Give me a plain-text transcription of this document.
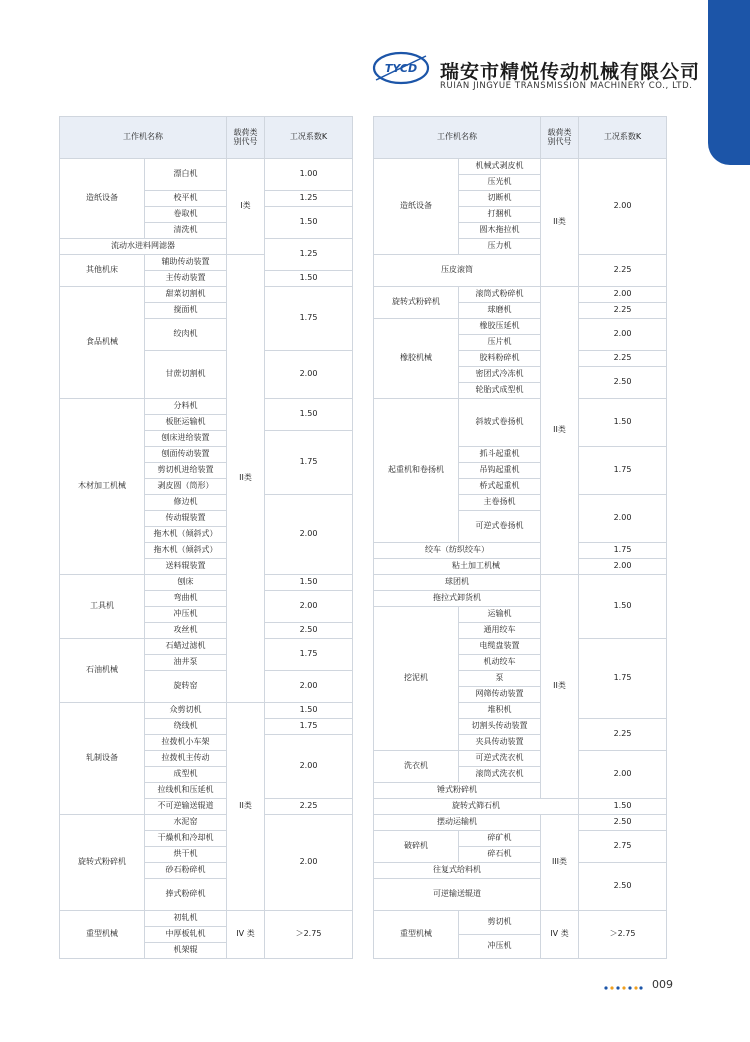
TYCD 瑞安市精悦传动机械有限公司
RUIAN JINGYUE TRANSMISSION MACHINERY CO., LTD.
工作机名称		载荷类别代号	工况系数K
造纸设备	漂白机	I类	1.00
	校平机		1.25
	卷取机		1.50
	清洗机		
流动水进料网滤器			1.25
其他机床	辅助传动装置	II类	
	主传动装置		1.50
食品机械	甜菜切割机		1.75
	搅面机		
	绞肉机		
	甘蔗切割机		2.00
木材加工机械	分料机		1.50
	板胚运输机		
	刨床进给装置		1.75
	刨面传动装置		
	剪切机进给装置		
	剥皮圆（筒形）		
	修边机		2.00
	传动辊装置		
	拖木机（倾斜式）		
	拖木机（倾斜式）		
	送料辊装置		
工具机	刨床		1.50
	弯曲机		2.00
	冲压机		
	攻丝机		2.50
石油机械	石蜡过滤机		1.75
	油井泵		
	旋转窑		2.00
轧制设备	众剪切机	II类	1.50
	绕线机		1.75
	拉拨机小车架		2.00
	拉拨机主传动		
	成型机		
	拉线机和压延机		
	不可逆输送辊道		2.25
旋转式粉碎机	水泥窑		2.00
	干燥机和冷却机		
	烘干机		
	砂石粉碎机		
	捧式粉碎机		
重型机械	初轧机	IV 类	＞2.75
	中厚板轧机		
	机架辊		
工作机名称		载荷类别代号	工况系数K
造纸设备	机械式剥皮机	II类	2.00
	压光机		
	切断机		
	打捆机		
	圆木拖拉机		
	压力机		
压皮滚筒			2.25
旋转式粉碎机	滚筒式粉碎机	II类	2.00
	球磨机		2.25
橡胶机械	橡胶压延机		2.00
	压片机		
	胶料粉碎机		2.25
	密团式冷冻机		2.50
	轮胎式成型机		
起重机和卷扬机	斜坡式卷扬机		1.50
	抓斗起重机		1.75
	吊钩起重机		
	桥式起重机		
	主卷扬机		2.00
	可逆式卷扬机		
绞车（纺织绞车）			1.75
粘土加工机械			2.00
球团机		II类	1.50
拖拉式卸货机			
挖泥机	运输机		
	通用绞车		
	电缆盘装置		1.75
	机动绞车		
	泵		
	网筛传动装置		
	堆积机		
	切割头传动装置		2.25
	夹具传动装置		
洗衣机	可逆式洗衣机		2.00
	滚筒式洗衣机		
锤式粉碎机			
旋转式筛石机			1.50
摆动运输机		III类	2.50
破碎机	碎矿机		2.75
	碎石机		
往复式给料机			2.50
可逆输送辊道			
重型机械	剪切机	IV 类	＞2.75
	冲压机		
009
